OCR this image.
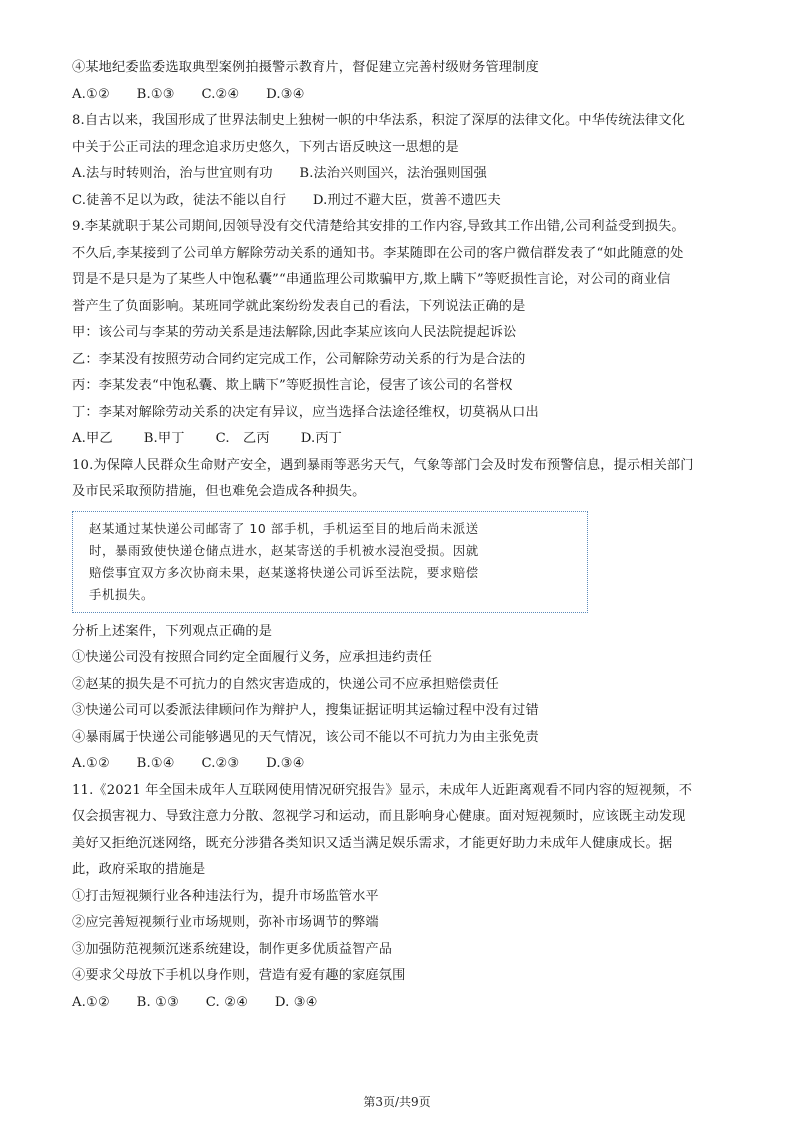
④某地纪委监委选取典型案例拍摄警示教育片，督促建立完善村级财务管理制度
A.①②　　B.①③　　C.②④　　D.③④
8.自古以来，我国形成了世界法制史上独树一帜的中华法系，积淀了深厚的法律文化。中华传统法律文化
中关于公正司法的理念追求历史悠久，下列古语反映这一思想的是
A.法与时转则治，治与世宜则有功　　B.法治兴则国兴，法治强则国强
C.徒善不足以为政，徒法不能以自行　　D.刑过不避大臣，赏善不遗匹夫
9.李某就职于某公司期间,因领导没有交代清楚给其安排的工作内容,导致其工作出错,公司利益受到损失。
不久后,李某接到了公司单方解除劳动关系的通知书。李某随即在公司的客户微信群发表了“如此随意的处
罚是不是只是为了某些人中饱私囊”“串通监理公司欺骗甲方,欺上瞒下”等贬损性言论，对公司的商业信
誉产生了负面影响。某班同学就此案纷纷发表自己的看法，下列说法正确的是
甲：该公司与李某的劳动关系是违法解除,因此李某应该向人民法院提起诉讼
乙：李某没有按照劳动合同约定完成工作，公司解除劳动关系的行为是合法的
丙：李某发表“中饱私囊、欺上瞒下”等贬损性言论，侵害了该公司的名誉权
丁：李某对解除劳动关系的决定有异议，应当选择合法途径维权，切莫祸从口出
A.甲乙　　 B.甲丁　　 C.　乙丙　　 D.丙丁
10.为保障人民群众生命财产安全，遇到暴雨等恶劣天气，气象等部门会及时发布预警信息，提示相关部门
及市民采取预防措施，但也难免会造成各种损失。
赵某通过某快递公司邮寄了 10 部手机，手机运至目的地后尚未派送
时，暴雨致使快递仓储点进水，赵某寄送的手机被水浸泡受损。因就
赔偿事宜双方多次协商未果，赵某遂将快递公司诉至法院，要求赔偿
手机损失。
分析上述案件，下列观点正确的是
①快递公司没有按照合同约定全面履行义务，应承担违约责任
②赵某的损失是不可抗力的自然灾害造成的，快递公司不应承担赔偿责任
③快递公司可以委派法律顾问作为辩护人，搜集证据证明其运输过程中没有过错
④暴雨属于快递公司能够遇见的天气情况，该公司不能以不可抗力为由主张免责
A.①②　　B.①④　　C.②③　　D.③④
11.《2021 年全国未成年人互联网使用情况研究报告》显示，未成年人近距离观看不同内容的短视频，不
仅会损害视力、导致注意力分散、忽视学习和运动，而且影响身心健康。面对短视频时，应该既主动发现
美好又拒绝沉迷网络，既充分涉猎各类知识又适当满足娱乐需求，才能更好助力未成年人健康成长。据
此，政府采取的措施是
①打击短视频行业各种违法行为，提升市场监管水平
②应完善短视频行业市场规则，弥补市场调节的弊端
③加强防范视频沉迷系统建设，制作更多优质益智产品
④要求父母放下手机以身作则，营造有爱有趣的家庭氛围
A.①②　　B. ①③　　C. ②④　　D. ③④
第3页/共9页
